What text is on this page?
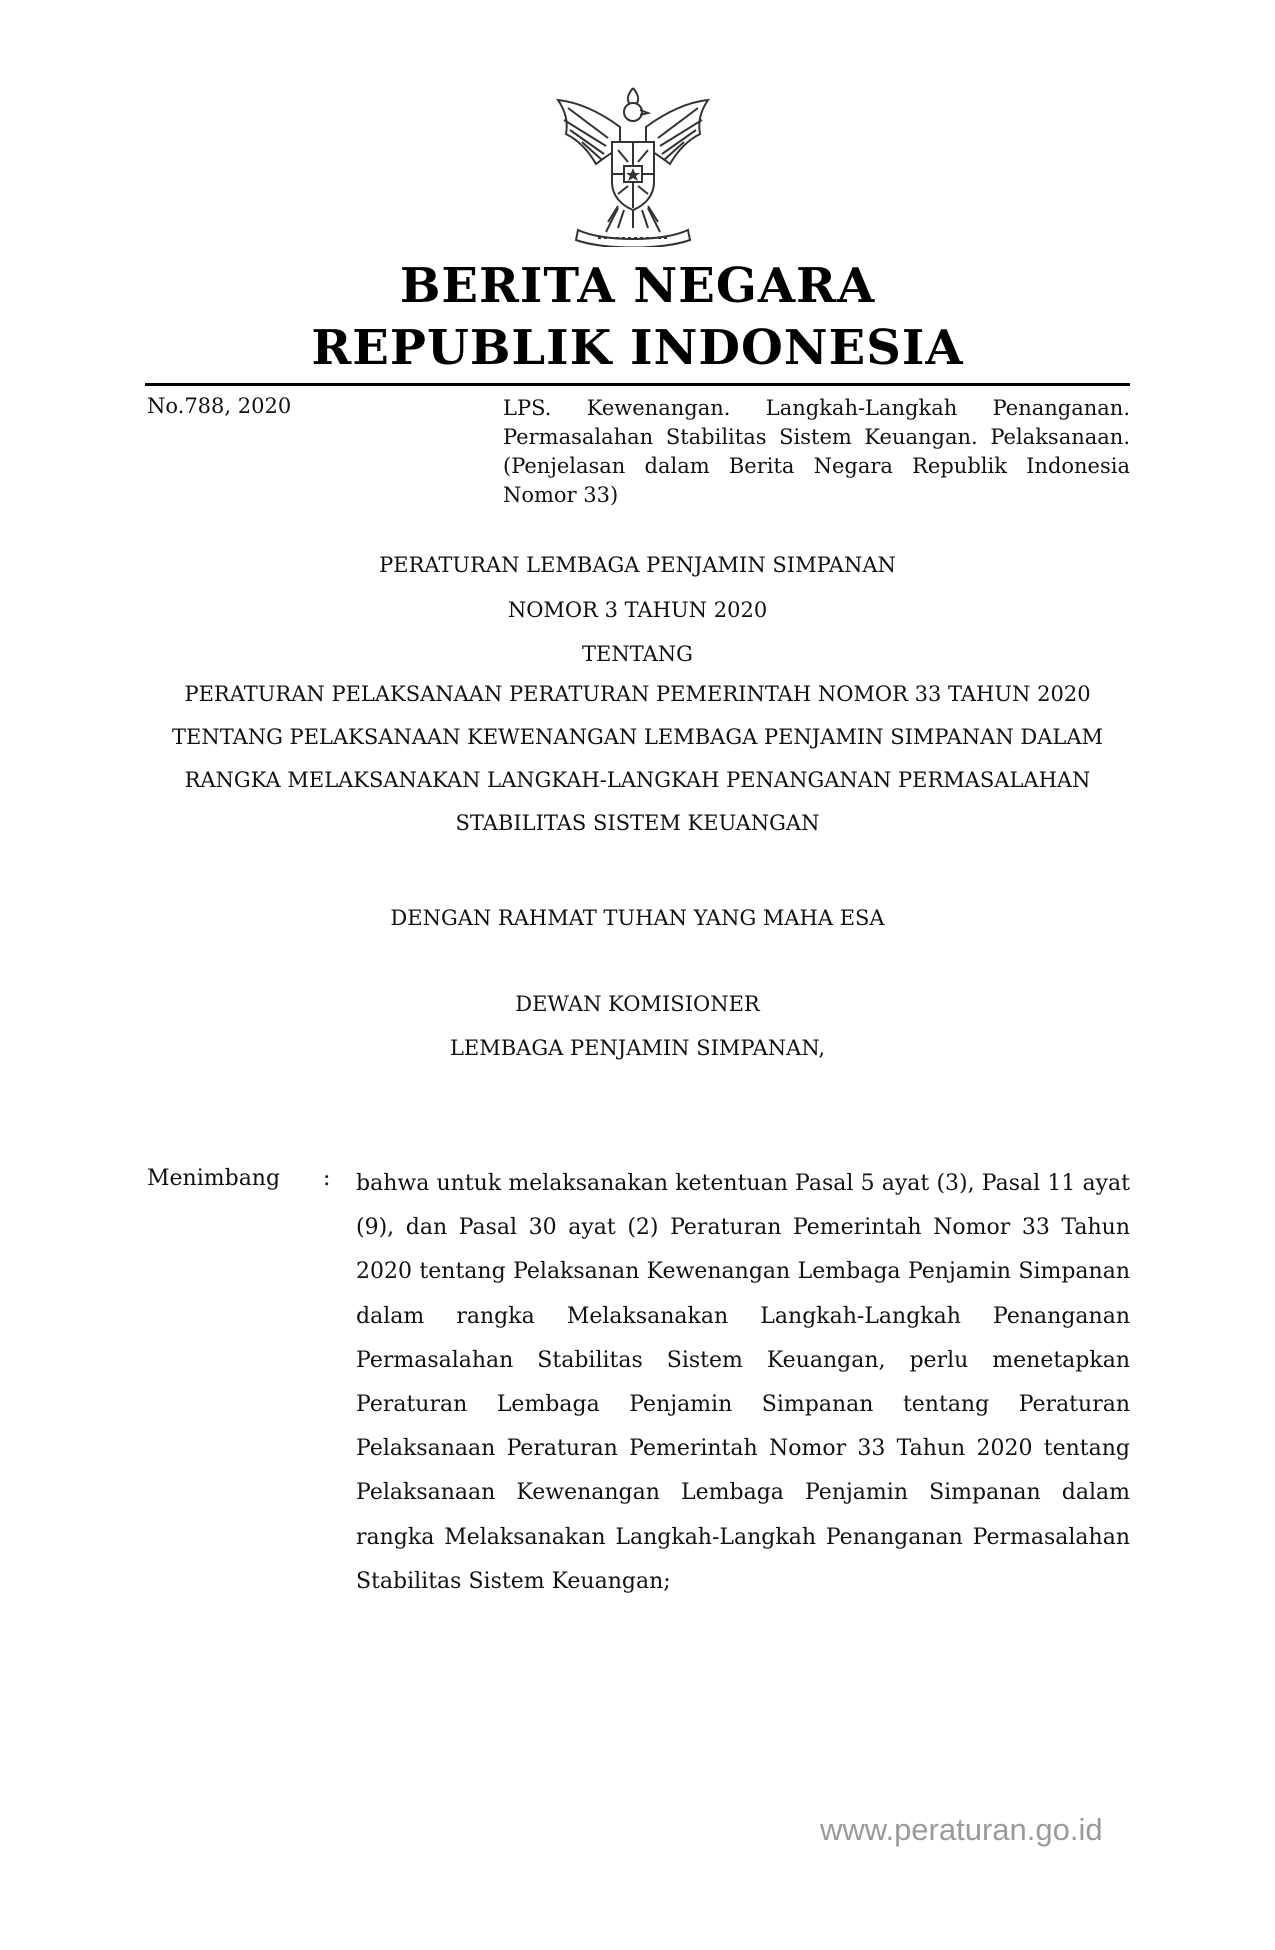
BERITA NEGARA
REPUBLIK INDONESIA
No.788, 2020	LPS. Kewenangan. Langkah-Langkah Penanganan. Permasalahan Stabilitas Sistem Keuangan. Pelaksanaan. (Penjelasan dalam Berita Negara Republik Indonesia Nomor 33)
PERATURAN LEMBAGA PENJAMIN SIMPANAN
NOMOR 3 TAHUN 2020
TENTANG
PERATURAN PELAKSANAAN PERATURAN PEMERINTAH NOMOR 33 TAHUN 2020 TENTANG PELAKSANAAN KEWENANGAN LEMBAGA PENJAMIN SIMPANAN DALAM RANGKA MELAKSANAKAN LANGKAH-LANGKAH PENANGANAN PERMASALAHAN STABILITAS SISTEM KEUANGAN
DENGAN RAHMAT TUHAN YANG MAHA ESA
DEWAN KOMISIONER
LEMBAGA PENJAMIN SIMPANAN,
Menimbang : bahwa untuk melaksanakan ketentuan Pasal 5 ayat (3), Pasal 11 ayat (9), dan Pasal 30 ayat (2) Peraturan Pemerintah Nomor 33 Tahun 2020 tentang Pelaksanan Kewenangan Lembaga Penjamin Simpanan dalam rangka Melaksanakan Langkah-Langkah Penanganan Permasalahan Stabilitas Sistem Keuangan, perlu menetapkan Peraturan Lembaga Penjamin Simpanan tentang Peraturan Pelaksanaan Peraturan Pemerintah Nomor 33 Tahun 2020 tentang Pelaksanaan Kewenangan Lembaga Penjamin Simpanan dalam rangka Melaksanakan Langkah-Langkah Penanganan Permasalahan Stabilitas Sistem Keuangan;
www.peraturan.go.id
